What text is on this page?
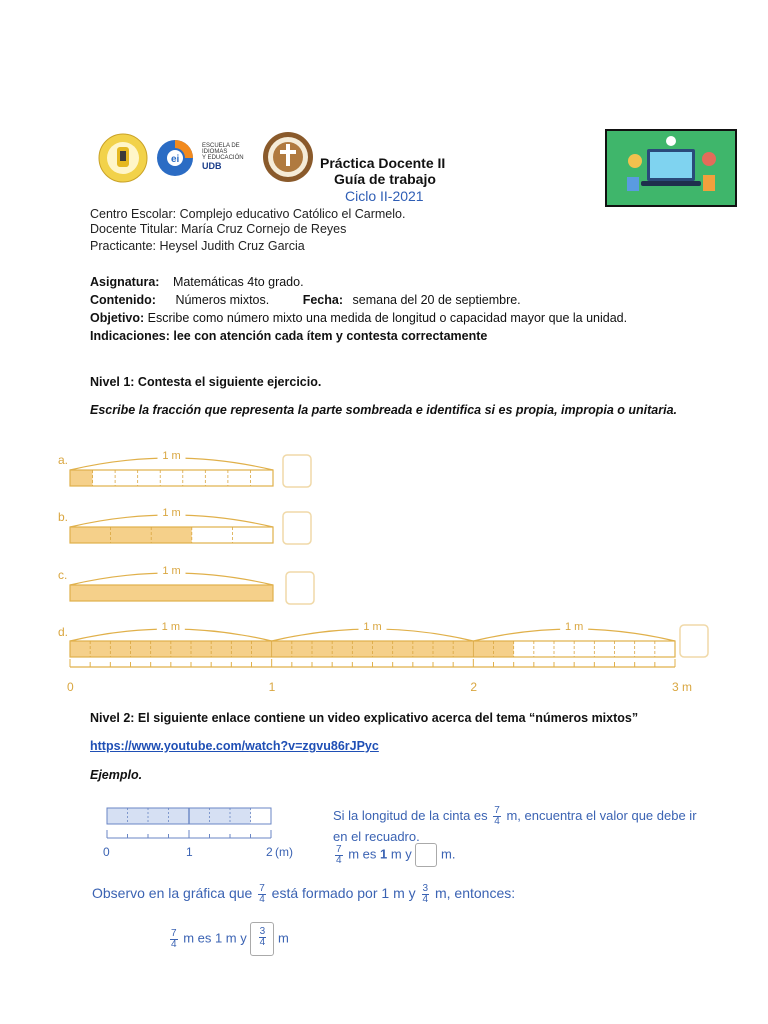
ei
ESCUELA DE IDIOMAS
Y EDUCACIÓN
UDB	Práctica Docente II
Guía de trabajo
Ciclo II-2021
Centro Escolar: Complejo educativo Católico el Carmelo.
Docente Titular: María Cruz Cornejo de Reyes
Practicante: Heysel Judith Cruz Garcia
Asignatura: Matemáticas 4to grado.
Contenido: Números mixtos.	Fecha: semana del 20 de septiembre.
Objetivo: Escribe como número mixto una medida de longitud o capacidad mayor que la unidad.
Indicaciones: lee con atención cada ítem y contesta correctamente
Nivel 1: Contesta el siguiente ejercicio.
Escribe la fracción que representa la parte sombreada e identifica si es propia, impropia o unitaria.
a.	1 m
b.	1 m
c.	1 m
d.	1 m	1 m	1 m
0	1	2	3 m
Nivel 2: El siguiente enlace contiene un video explicativo acerca del tema “números mixtos”
https://www.youtube.com/watch?v=zgvu86rJPyc
Ejemplo.
0	1	2 (m)
Si la longitud de la cinta es $\frac{7}{4} m$, encuentra el valor que debe ir
en el recuadro.
$\frac{7}{4}$ m es 1 m y m.
Observo en la gráfica que $\frac{7}{4}$ está formado por 1 m y $\frac{3}{4} m$, entonces:
$\frac{7}{4}$ m es 1 m y $\frac{3}{4}$ m
